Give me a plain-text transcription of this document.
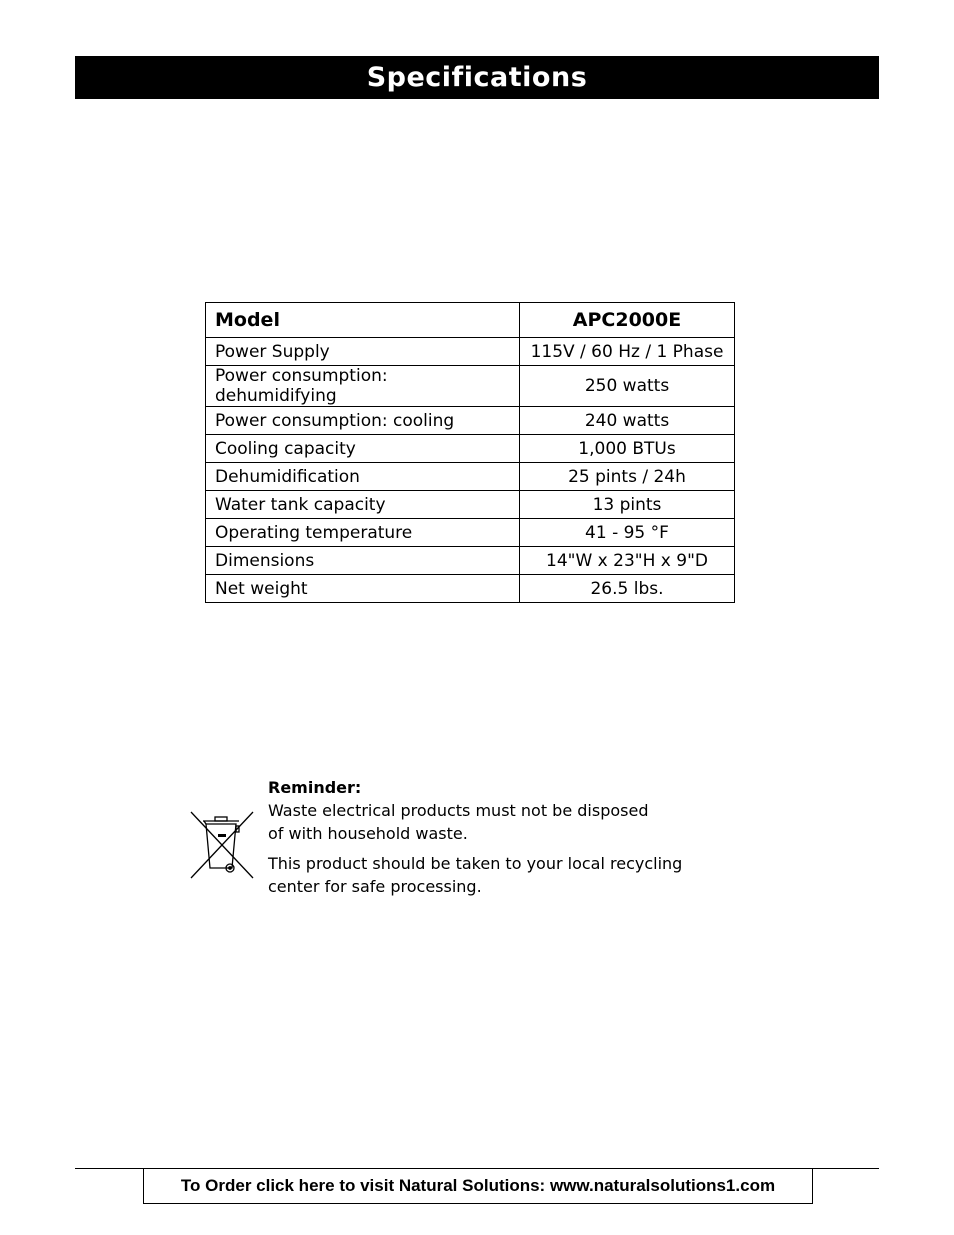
Specifications
Model	APC2000E
Power Supply	115V / 60 Hz / 1 Phase
Power consumption: dehumidifying	250 watts
Power consumption: cooling	240 watts
Cooling capacity	1,000 BTUs
Dehumidification	25 pints / 24h
Water tank capacity	13 pints
Operating temperature	41 - 95 °F
Dimensions	14"W x 23"H x 9"D
Net weight	26.5 lbs.

Reminder:

Waste electrical products must not be disposed

of with household waste.

This product should be taken to your local recycling

center for safe processing.

To Order click here to visit Natural Solutions: www.naturalsolutions1.com
